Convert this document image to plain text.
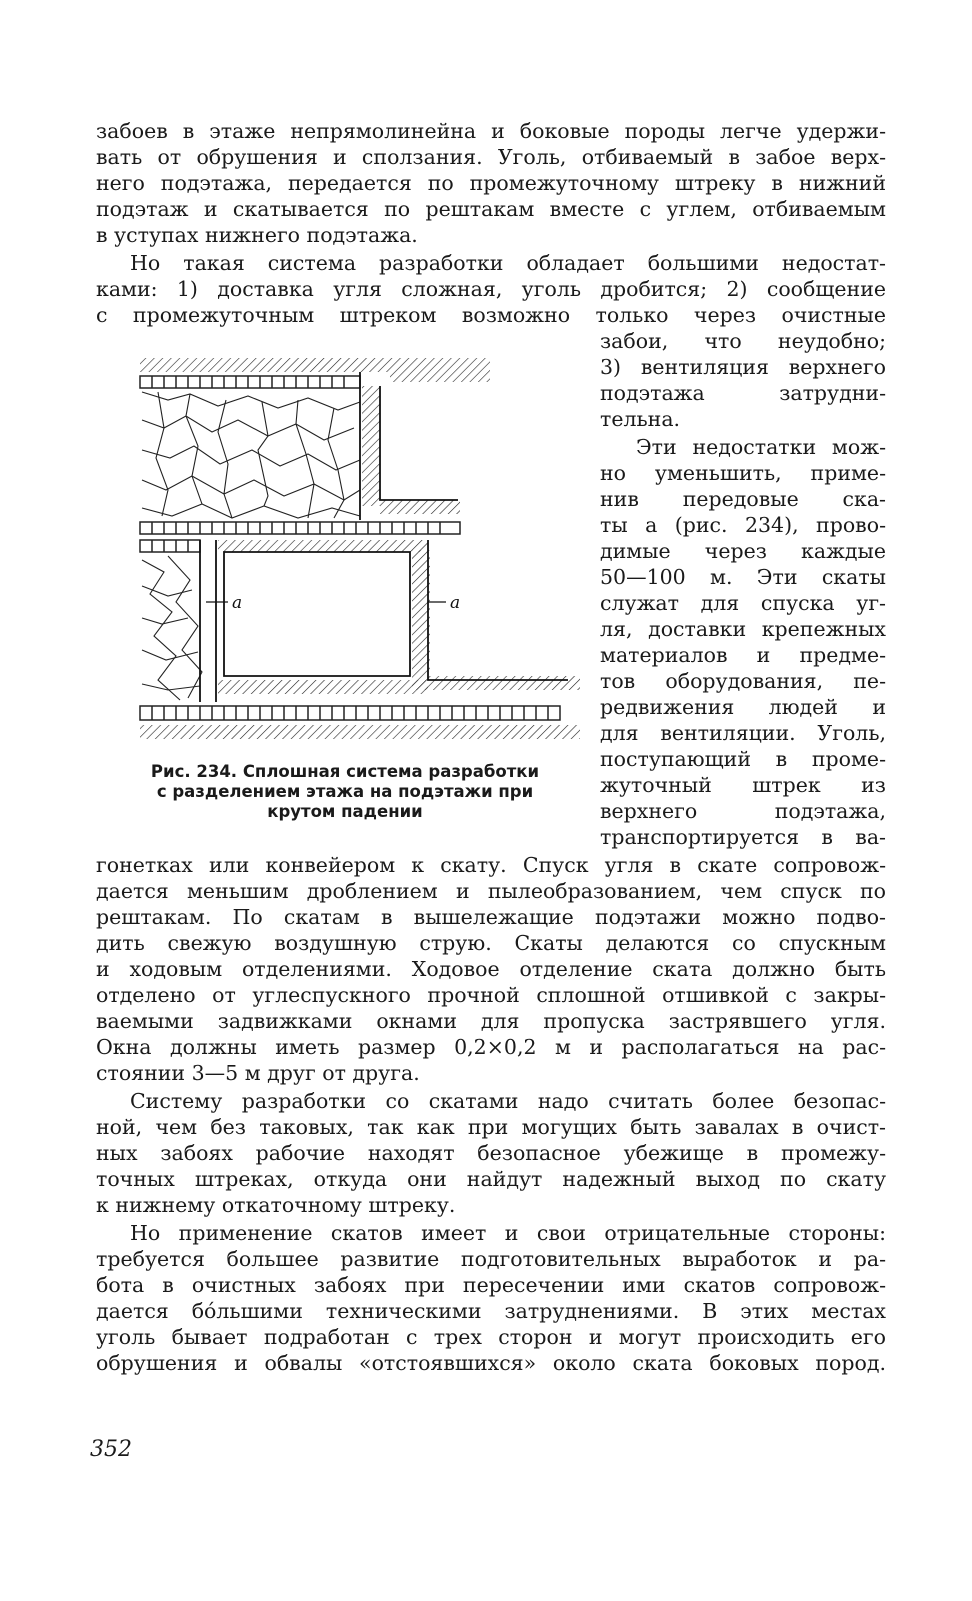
забоев в этаже непрямолинейна и боковые породы легче удержи-
вать от обрушения и сползания. Уголь, отбиваемый в забое верх-
него подэтажа, передается по промежуточному штреку в нижний
подэтаж и скатывается по рештакам вместе с углем, отбиваемым
в уступах нижнего подэтажа.
Но такая система разработки обладает большими недостат-
ками: 1) доставка угля сложная, уголь дробится; 2) сообщение
с промежуточным штреком возможно только через очистные
забои, что неудобно;
3) вентиляция верхнего
подэтажа затрудни-
тельна.
Эти недостатки мож-
но уменьшить, приме-
нив передовые ска-
ты а (рис. 234), прово-
димые через каждые
50—100 м. Эти скаты
служат для спуска уг-
ля, доставки крепежных
материалов и предме-
тов оборудования, пе-
редвижения людей и
для вентиляции. Уголь,
поступающий в проме-
жуточный штрек из
верхнего подэтажа,
транспортируется в ва-
а	а
Рис. 234. Сплошная система разработки
с разделением этажа на подэтажи при
крутом падении
гонетках или конвейером к скату. Спуск угля в скате сопровож-
дается меньшим дроблением и пылеобразованием, чем спуск по
рештакам. По скатам в вышележащие подэтажи можно подво-
дить свежую воздушную струю. Скаты делаются со спускным
и ходовым отделениями. Ходовое отделение ската должно быть
отделено от углеспускного прочной сплошной отшивкой с закры-
ваемыми задвижками окнами для пропуска застрявшего угля.
Окна должны иметь размер 0,2×0,2 м и располагаться на рас-
стоянии 3—5 м друг от друга.
Систему разработки со скатами надо считать более безопас-
ной, чем без таковых, так как при могущих быть завалах в очист-
ных забоях рабочие находят безопасное убежище в промежу-
точных штреках, откуда они найдут надежный выход по скату
к нижнему откаточному штреку.
Но применение скатов имеет и свои отрицательные стороны:
требуется большее развитие подготовительных выработок и ра-
бота в очистных забоях при пересечении ими скатов сопровож-
дается бо́льшими техническими затруднениями. В этих местах
уголь бывает подработан с трех сторон и могут происходить его
обрушения и обвалы «отстоявшихся» около ската боковых пород.
352
